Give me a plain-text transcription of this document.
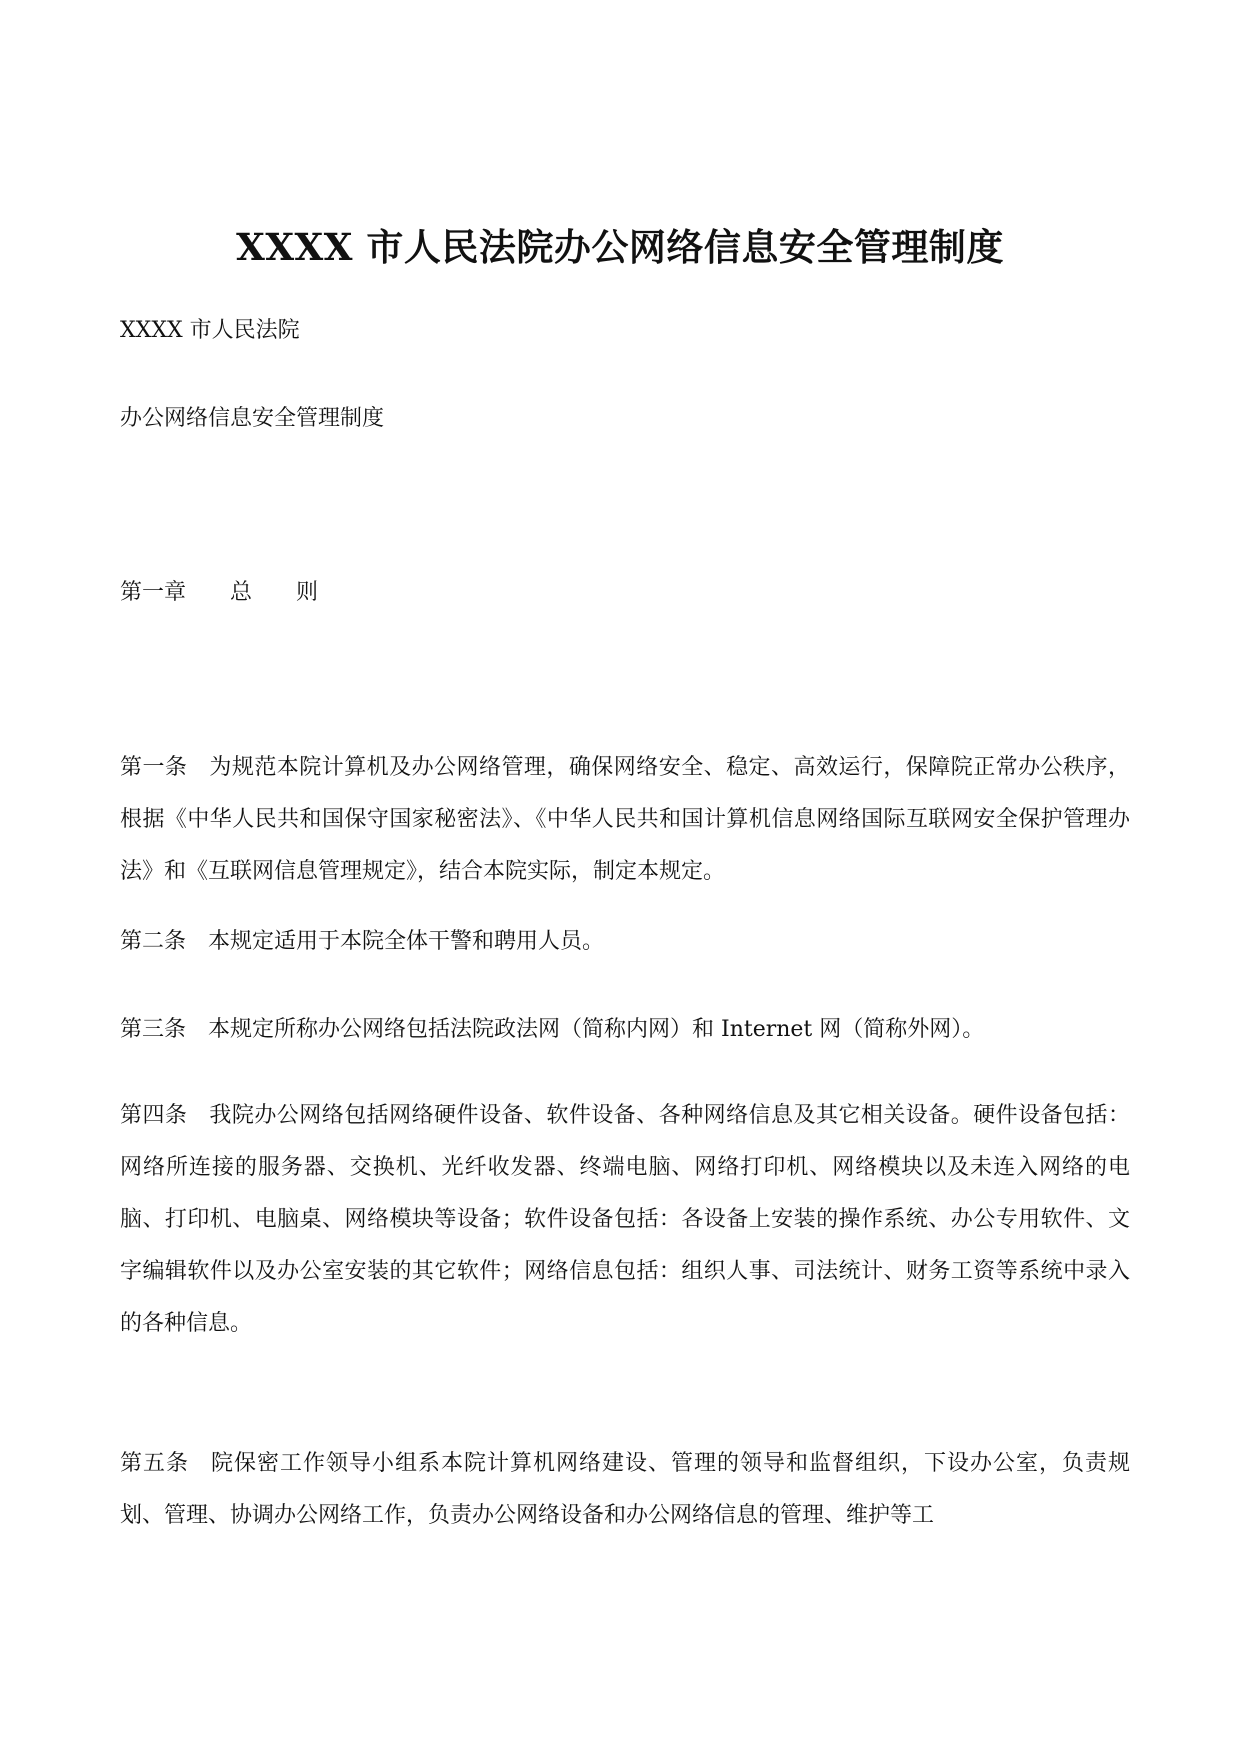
XXXX 市人民法院办公网络信息安全管理制度
XXXX 市人民法院
办公网络信息安全管理制度
第一章 总 则
第一条 为规范本院计算机及办公网络管理，确保网络安全、稳定、高效运行，保障院正常办公秩序，根据《中华人民共和国保守国家秘密法》、《中华人民共和国计算机信息网络国际互联网安全保护管理办法》和《互联网信息管理规定》，结合本院实际，制定本规定。
第二条 本规定适用于本院全体干警和聘用人员。
第三条 本规定所称办公网络包括法院政法网（简称内网）和 Internet 网（简称外网）。
第四条 我院办公网络包括网络硬件设备、软件设备、各种网络信息及其它相关设备。硬件设备包括：网络所连接的服务器、交换机、光纤收发器、终端电脑、网络打印机、网络模块以及未连入网络的电脑、打印机、电脑桌、网络模块等设备；软件设备包括：各设备上安装的操作系统、办公专用软件、文字编辑软件以及办公室安装的其它软件；网络信息包括：组织人事、司法统计、财务工资等系统中录入的各种信息。
第五条 院保密工作领导小组系本院计算机网络建设、管理的领导和监督组织，下设办公室，负责规划、管理、协调办公网络工作，负责办公网络设备和办公网络信息的管理、维护等工
